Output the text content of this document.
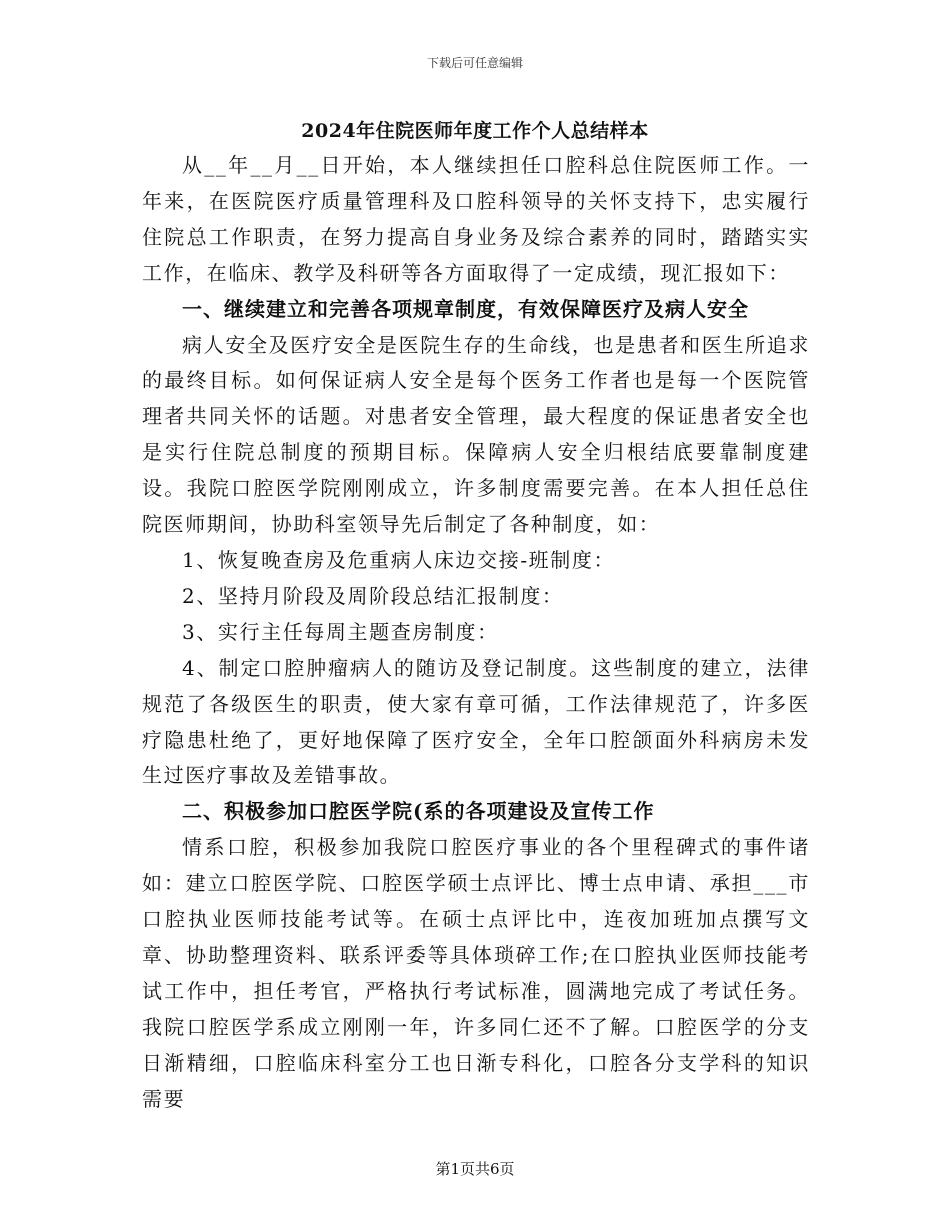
下载后可任意编辑
2024年住院医师年度工作个人总结样本

从__年__月__日开始，本人继续担任口腔科总住院医师工作。一年来，在医院医疗质量管理科及口腔科领导的关怀支持下，忠实履行住院总工作职责，在努力提高自身业务及综合素养的同时，踏踏实实工作，在临床、教学及科研等各方面取得了一定成绩，现汇报如下：

一、继续建立和完善各项规章制度，有效保障医疗及病人安全

病人安全及医疗安全是医院生存的生命线，也是患者和医生所追求的最终目标。如何保证病人安全是每个医务工作者也是每一个医院管理者共同关怀的话题。对患者安全管理，最大程度的保证患者安全也是实行住院总制度的预期目标。保障病人安全归根结底要靠制度建设。我院口腔医学院刚刚成立，许多制度需要完善。在本人担任总住院医师期间，协助科室领导先后制定了各种制度，如：

1、恢复晚查房及危重病人床边交接-班制度：

2、坚持月阶段及周阶段总结汇报制度：

3、实行主任每周主题查房制度：

4、制定口腔肿瘤病人的随访及登记制度。这些制度的建立，法律规范了各级医生的职责，使大家有章可循，工作法律规范了，许多医疗隐患杜绝了，更好地保障了医疗安全，全年口腔颌面外科病房未发生过医疗事故及差错事故。

二、积极参加口腔医学院(系的各项建设及宣传工作

情系口腔，积极参加我院口腔医疗事业的各个里程碑式的事件诸如：建立口腔医学院、口腔医学硕士点评比、博士点申请、承担___市口腔执业医师技能考试等。在硕士点评比中，连夜加班加点撰写文章、协助整理资料、联系评委等具体琐碎工作;在口腔执业医师技能考试工作中，担任考官，严格执行考试标准，圆满地完成了考试任务。我院口腔医学系成立刚刚一年，许多同仁还不了解。口腔医学的分支日渐精细，口腔临床科室分工也日渐专科化，口腔各分支学科的知识需要

第1页共6页
